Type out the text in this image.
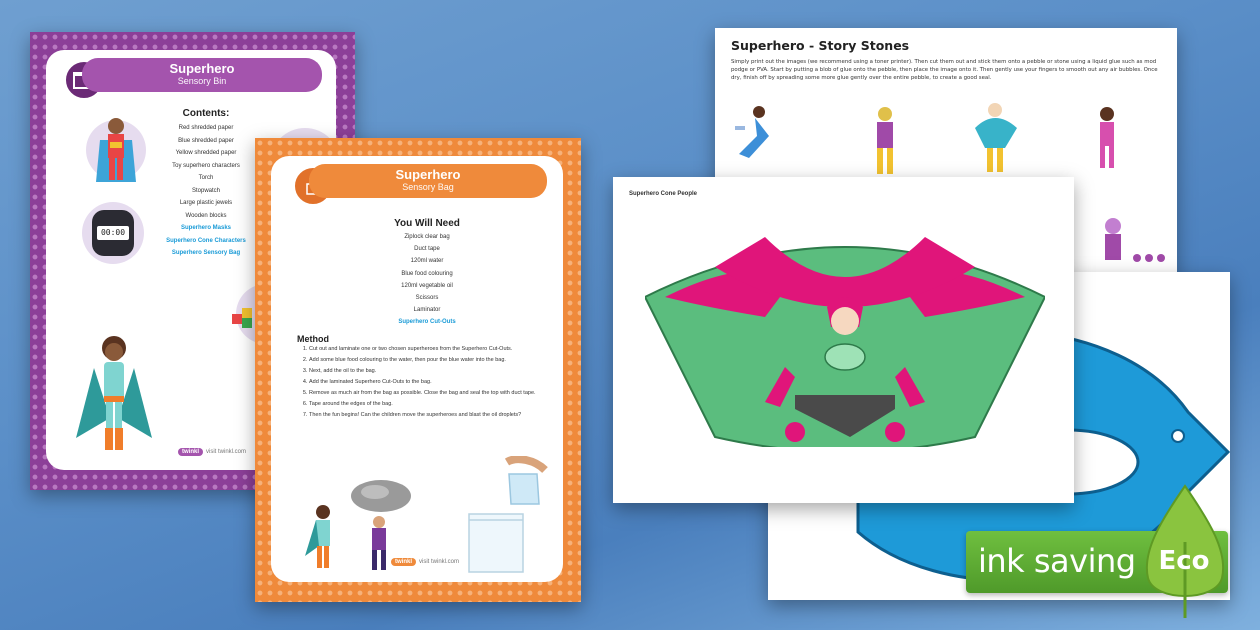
Superhero
Sensory Bin
00:00
Contents:
Red shredded paper
Blue shredded paper
Yellow shredded paper
Toy superhero characters
Torch
Stopwatch
Large plastic jewels
Wooden blocks
Superhero Masks
Superhero Cone Characters
Superhero Sensory Bag
twinkl visit twinkl.com
Superhero
Sensory Bag
You Will Need
Ziplock clear bag
Duct tape
120ml water
Blue food colouring
120ml vegetable oil
Scissors
Laminator
Superhero Cut-Outs
Method
1. Cut out and laminate one or two chosen superheroes from the Superhero Cut-Outs.
2. Add some blue food colouring to the water, then pour the blue water into the bag.
3. Next, add the oil to the bag.
4. Add the laminated Superhero Cut-Outs to the bag.
5. Remove as much air from the bag as possible. Close the bag and seal the top with duct tape.
6. Tape around the edges of the bag.
7. Then the fun begins! Can the children move the superheroes and blast the oil droplets?
twinkl visit twinkl.com
Superhero - Story Stones
Simply print out the images (we recommend using a toner printer). Then cut them out and stick them onto a pebble or stone using a liquid glue such as mod podge or PVA. Start by putting a blob of glue onto the pebble, then place the image onto it. Then gently use your fingers to smooth out any air bubbles. Once dry, finish off by spreading some more glue gently over the entire pebble, to create a good seal.
Superhero Cone People
ink saving Eco
